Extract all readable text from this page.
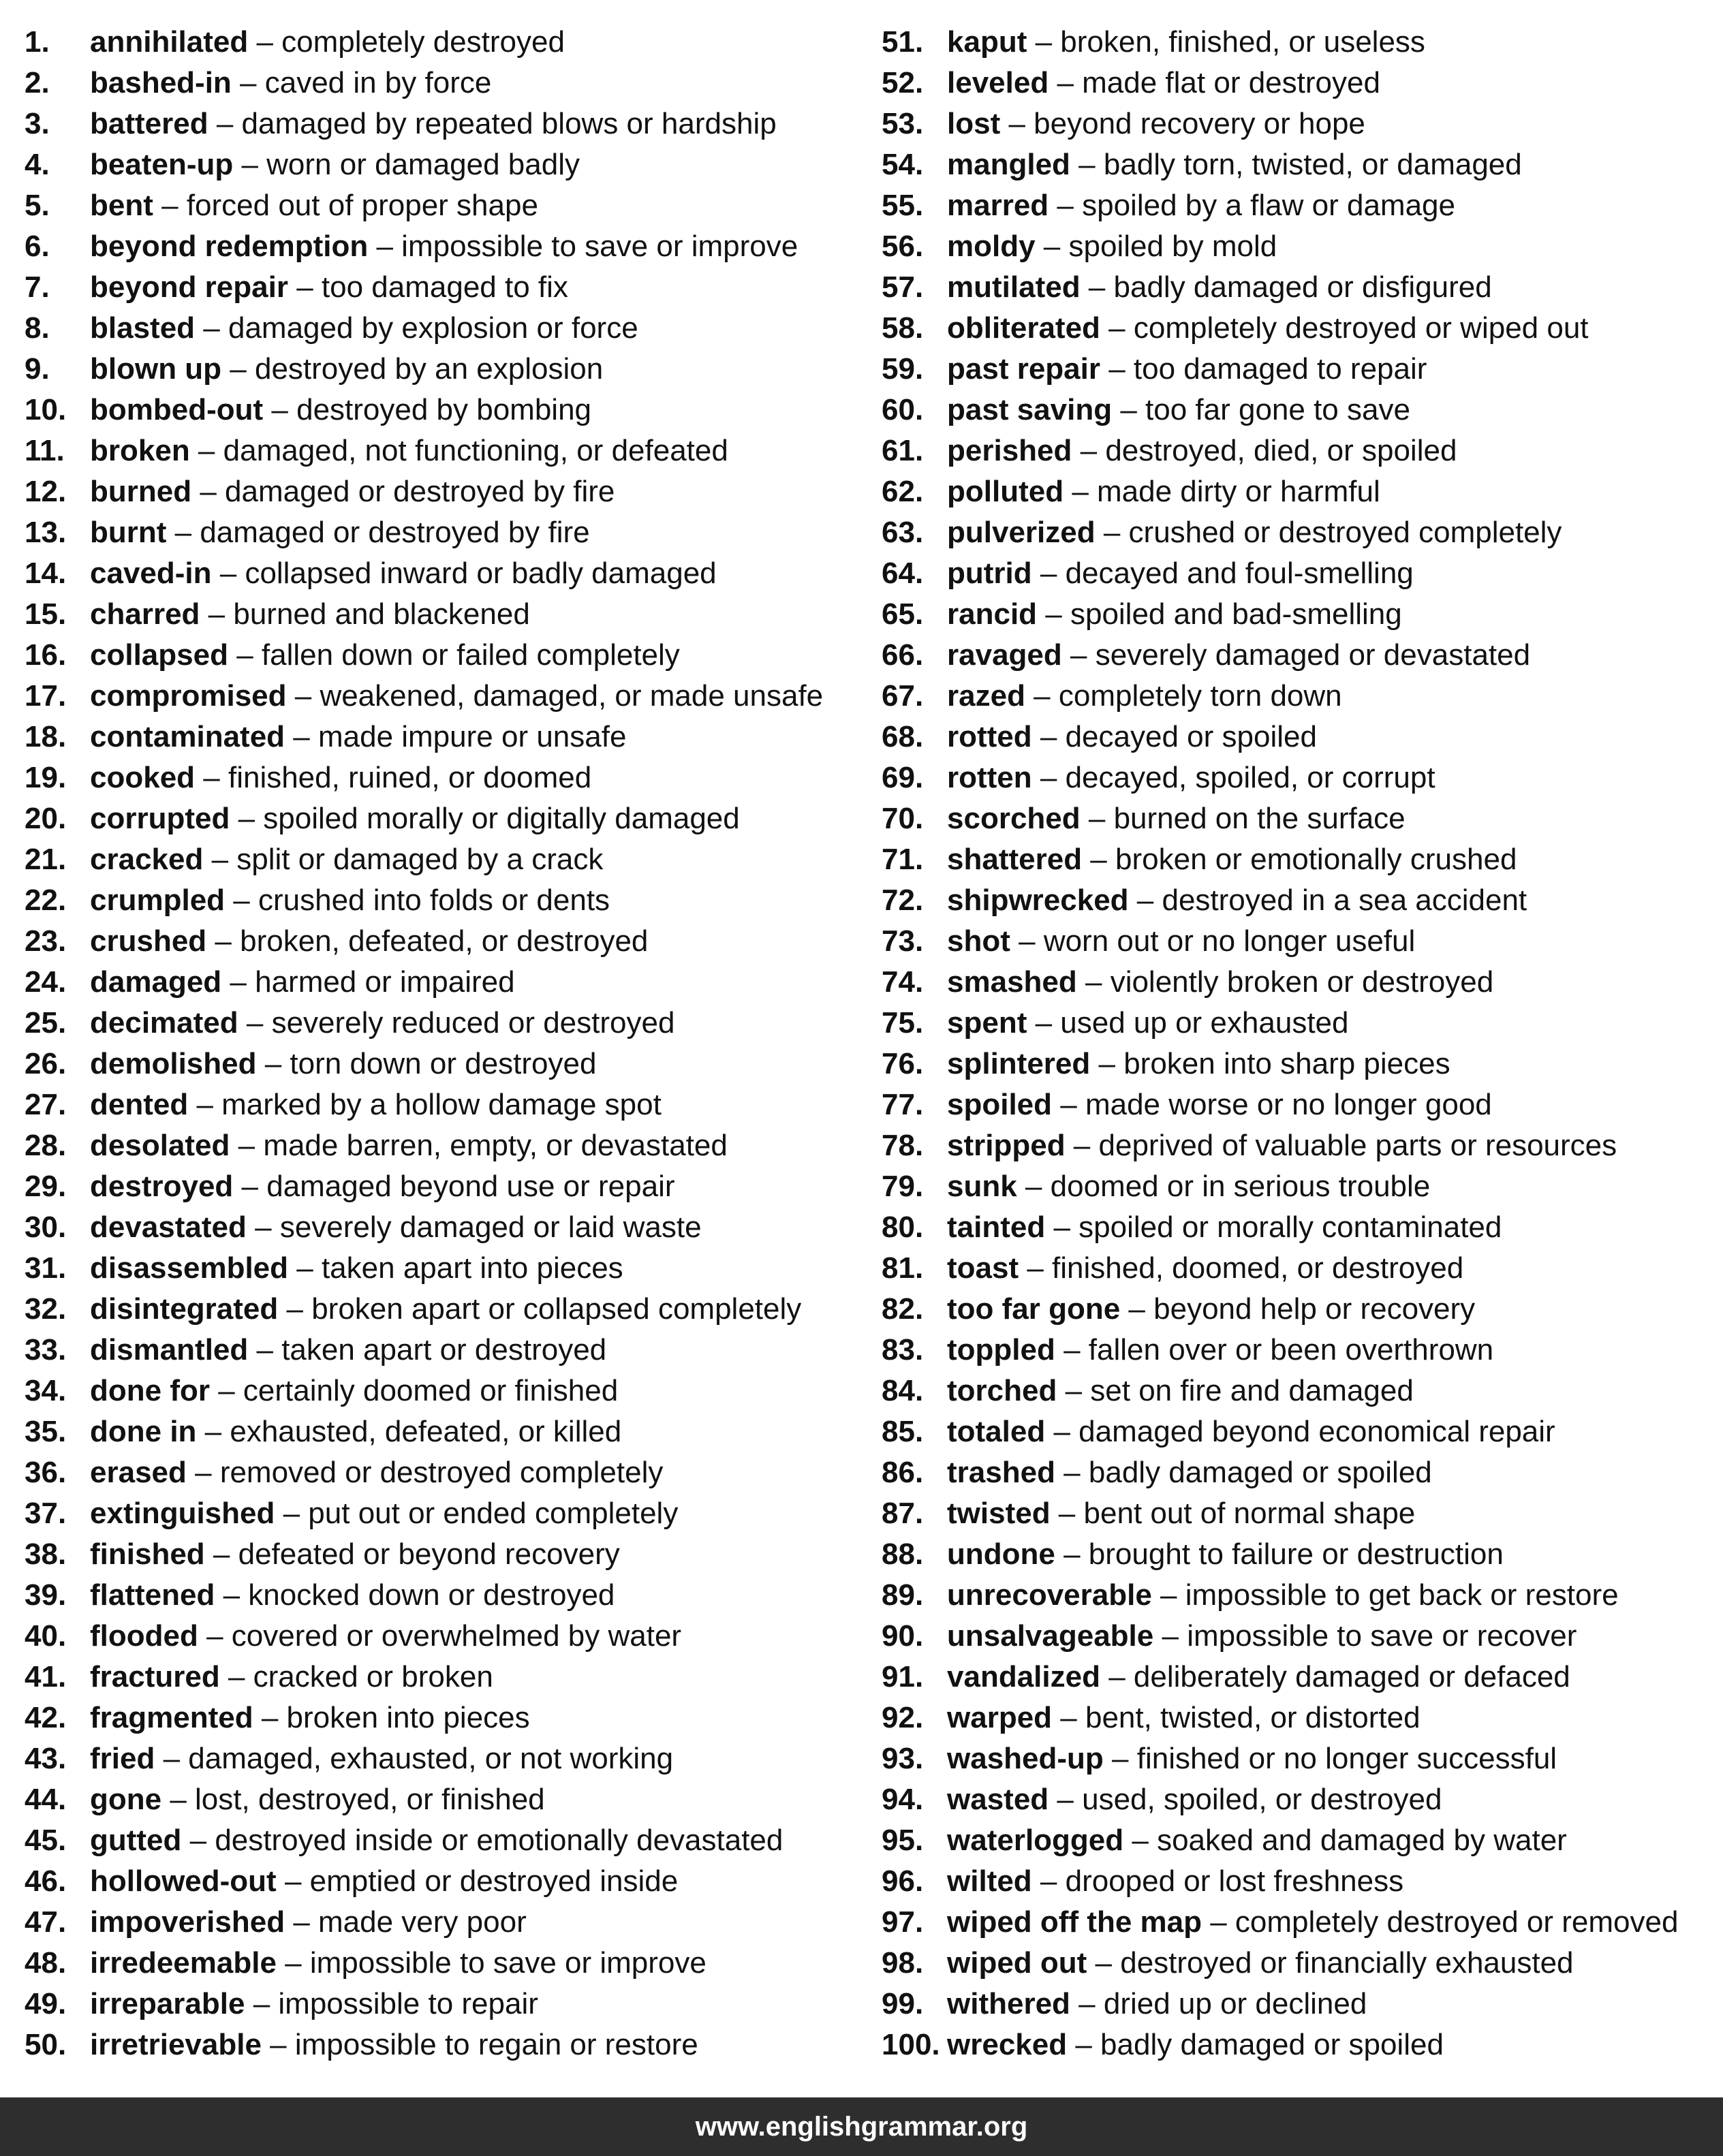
1. annihilated – completely destroyed
2. bashed-in – caved in by force
3. battered – damaged by repeated blows or hardship
4. beaten-up – worn or damaged badly
5. bent – forced out of proper shape
6. beyond redemption – impossible to save or improve
7. beyond repair – too damaged to fix
8. blasted – damaged by explosion or force
9. blown up – destroyed by an explosion
10. bombed-out – destroyed by bombing
11. broken – damaged, not functioning, or defeated
12. burned – damaged or destroyed by fire
13. burnt – damaged or destroyed by fire
14. caved-in – collapsed inward or badly damaged
15. charred – burned and blackened
16. collapsed – fallen down or failed completely
17. compromised – weakened, damaged, or made unsafe
18. contaminated – made impure or unsafe
19. cooked – finished, ruined, or doomed
20. corrupted – spoiled morally or digitally damaged
21. cracked – split or damaged by a crack
22. crumpled – crushed into folds or dents
23. crushed – broken, defeated, or destroyed
24. damaged – harmed or impaired
25. decimated – severely reduced or destroyed
26. demolished – torn down or destroyed
27. dented – marked by a hollow damage spot
28. desolated – made barren, empty, or devastated
29. destroyed – damaged beyond use or repair
30. devastated – severely damaged or laid waste
31. disassembled – taken apart into pieces
32. disintegrated – broken apart or collapsed completely
33. dismantled – taken apart or destroyed
34. done for – certainly doomed or finished
35. done in – exhausted, defeated, or killed
36. erased – removed or destroyed completely
37. extinguished – put out or ended completely
38. finished – defeated or beyond recovery
39. flattened – knocked down or destroyed
40. flooded – covered or overwhelmed by water
41. fractured – cracked or broken
42. fragmented – broken into pieces
43. fried – damaged, exhausted, or not working
44. gone – lost, destroyed, or finished
45. gutted – destroyed inside or emotionally devastated
46. hollowed-out – emptied or destroyed inside
47. impoverished – made very poor
48. irredeemable – impossible to save or improve
49. irreparable – impossible to repair
50. irretrievable – impossible to regain or restore
51. kaput – broken, finished, or useless
52. leveled – made flat or destroyed
53. lost – beyond recovery or hope
54. mangled – badly torn, twisted, or damaged
55. marred – spoiled by a flaw or damage
56. moldy – spoiled by mold
57. mutilated – badly damaged or disfigured
58. obliterated – completely destroyed or wiped out
59. past repair – too damaged to repair
60. past saving – too far gone to save
61. perished – destroyed, died, or spoiled
62. polluted – made dirty or harmful
63. pulverized – crushed or destroyed completely
64. putrid – decayed and foul-smelling
65. rancid – spoiled and bad-smelling
66. ravaged – severely damaged or devastated
67. razed – completely torn down
68. rotted – decayed or spoiled
69. rotten – decayed, spoiled, or corrupt
70. scorched – burned on the surface
71. shattered – broken or emotionally crushed
72. shipwrecked – destroyed in a sea accident
73. shot – worn out or no longer useful
74. smashed – violently broken or destroyed
75. spent – used up or exhausted
76. splintered – broken into sharp pieces
77. spoiled – made worse or no longer good
78. stripped – deprived of valuable parts or resources
79. sunk – doomed or in serious trouble
80. tainted – spoiled or morally contaminated
81. toast – finished, doomed, or destroyed
82. too far gone – beyond help or recovery
83. toppled – fallen over or been overthrown
84. torched – set on fire and damaged
85. totaled – damaged beyond economical repair
86. trashed – badly damaged or spoiled
87. twisted – bent out of normal shape
88. undone – brought to failure or destruction
89. unrecoverable – impossible to get back or restore
90. unsalvageable – impossible to save or recover
91. vandalized – deliberately damaged or defaced
92. warped – bent, twisted, or distorted
93. washed-up – finished or no longer successful
94. wasted – used, spoiled, or destroyed
95. waterlogged – soaked and damaged by water
96. wilted – drooped or lost freshness
97. wiped off the map – completely destroyed or removed
98. wiped out – destroyed or financially exhausted
99. withered – dried up or declined
100. wrecked – badly damaged or spoiled
www.englishgrammar.org
